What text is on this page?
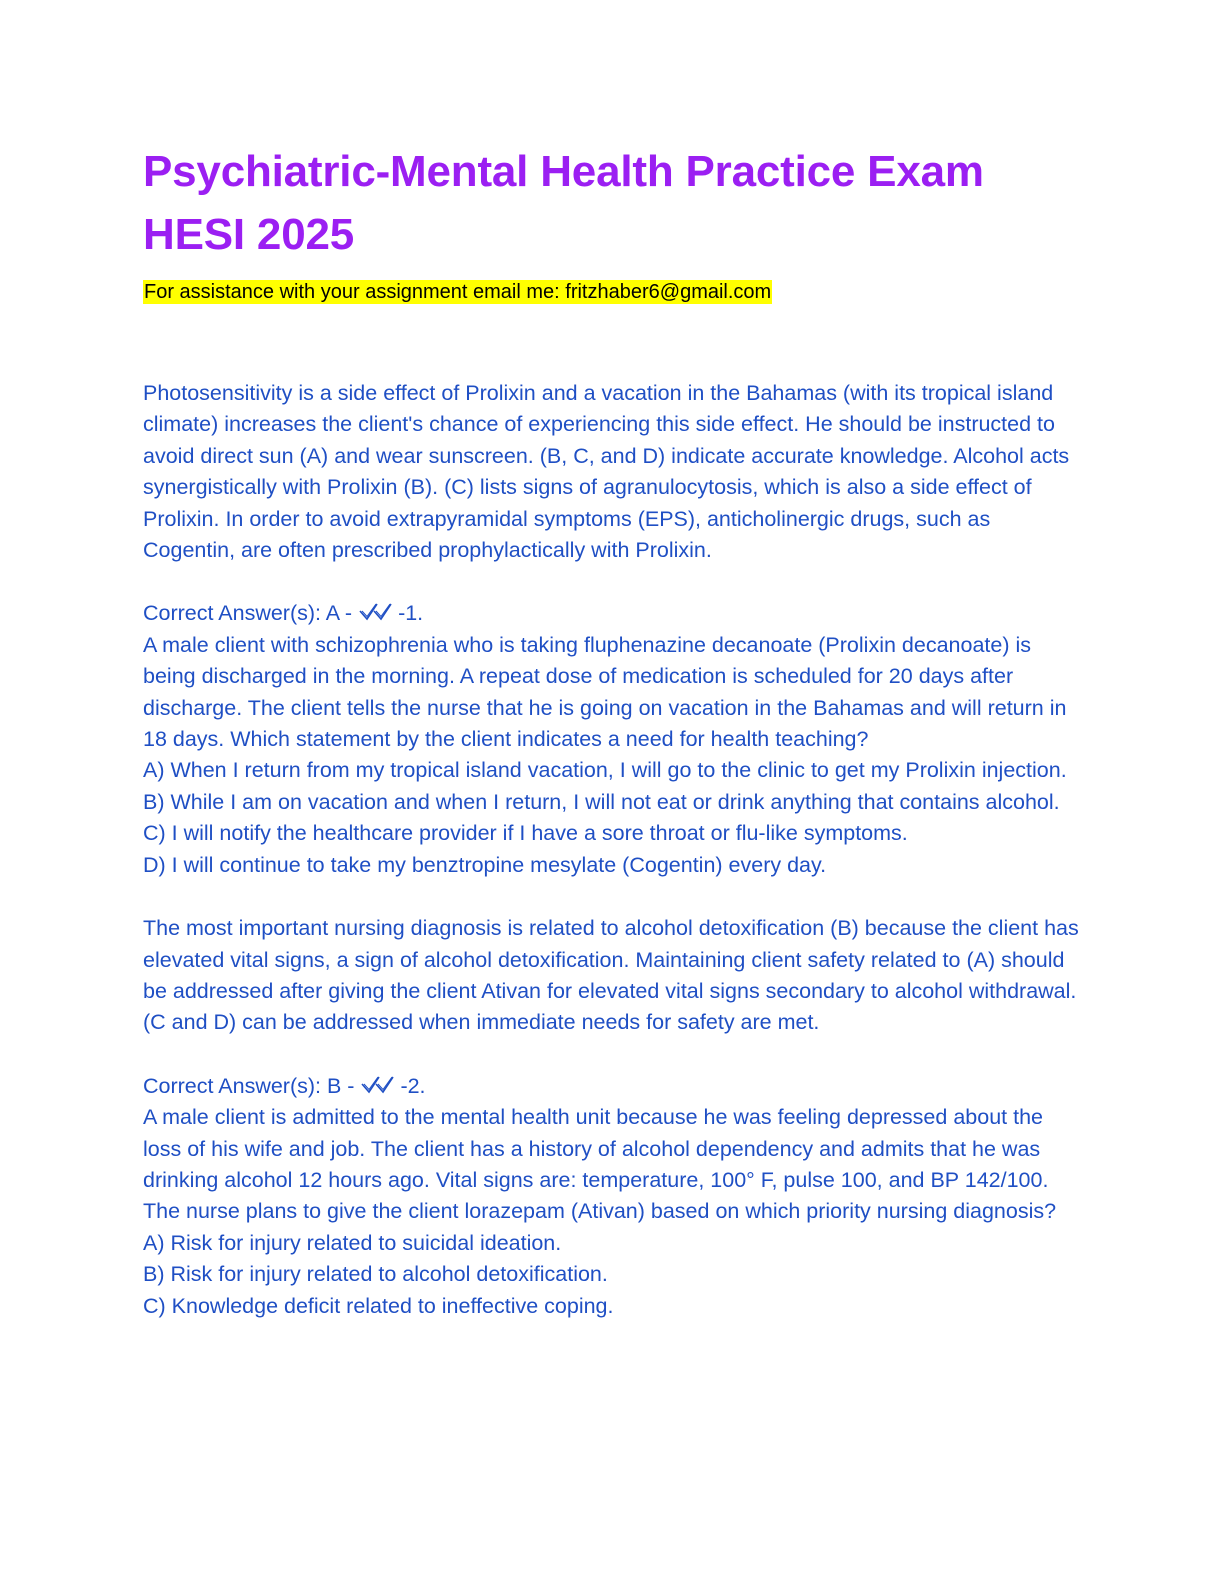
Psychiatric-Mental Health Practice Exam HESI 2025
For assistance with your assignment email me: fritzhaber6@gmail.com

Photosensitivity is a side effect of Prolixin and a vacation in the Bahamas (with its tropical island climate) increases the client's chance of experiencing this side effect. He should be instructed to avoid direct sun (A) and wear sunscreen. (B, C, and D) indicate accurate knowledge. Alcohol acts synergistically with Prolixin (B). (C) lists signs of agranulocytosis, which is also a side effect of Prolixin. In order to avoid extrapyramidal symptoms (EPS), anticholinergic drugs, such as Cogentin, are often prescribed prophylactically with Prolixin.

Correct Answer(s): A - -1.

A male client with schizophrenia who is taking fluphenazine decanoate (Prolixin decanoate) is being discharged in the morning. A repeat dose of medication is scheduled for 20 days after discharge. The client tells the nurse that he is going on vacation in the Bahamas and will return in 18 days. Which statement by the client indicates a need for health teaching?

A) When I return from my tropical island vacation, I will go to the clinic to get my Prolixin injection.

B) While I am on vacation and when I return, I will not eat or drink anything that contains alcohol.

C) I will notify the healthcare provider if I have a sore throat or flu-like symptoms.

D) I will continue to take my benztropine mesylate (Cogentin) every day.

The most important nursing diagnosis is related to alcohol detoxification (B) because the client has elevated vital signs, a sign of alcohol detoxification. Maintaining client safety related to (A) should be addressed after giving the client Ativan for elevated vital signs secondary to alcohol withdrawal. (C and D) can be addressed when immediate needs for safety are met.

Correct Answer(s): B - -2.

A male client is admitted to the mental health unit because he was feeling depressed about the loss of his wife and job. The client has a history of alcohol dependency and admits that he was drinking alcohol 12 hours ago. Vital signs are: temperature, 100° F, pulse 100, and BP 142/100. The nurse plans to give the client lorazepam (Ativan) based on which priority nursing diagnosis?

A) Risk for injury related to suicidal ideation.

B) Risk for injury related to alcohol detoxification.

C) Knowledge deficit related to ineffective coping.
